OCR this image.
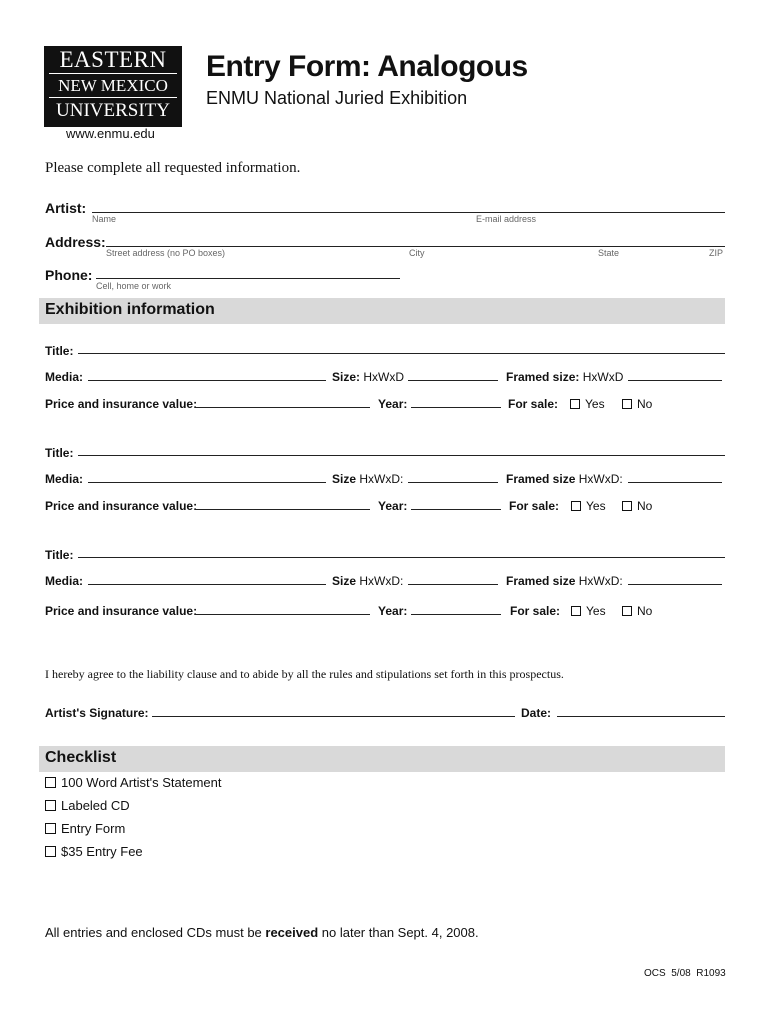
EASTERN
NEW MEXICO
UNIVERSITY
www.enmu.edu
Entry Form: Analogous
ENMU National Juried Exhibition
Please complete all requested information.
Artist:
Name	E-mail address
Address:
Street address (no PO boxes)	City	State	ZIP
Phone:
Cell, home or work
Exhibition information
Title:
Media:	Size: HxWxD	Framed size: HxWxD
Price and insurance value:	Year:	For sale:	Yes	No
Title:
Media:	Size HxWxD:	Framed size HxWxD:
Price and insurance value:	Year:	For sale:	Yes	No
Title:
Media:	Size HxWxD:	Framed size HxWxD:
Price and insurance value:	Year:	For sale:	Yes	No
I hereby agree to the liability clause and to abide by all the rules and stipulations set forth in this prospectus.
Artist's Signature:	Date:
Checklist
100 Word Artist's Statement
Labeled CD
Entry Form
$35 Entry Fee
All entries and enclosed CDs must be received no later than Sept. 4, 2008.
OCS  5/08  R1093
